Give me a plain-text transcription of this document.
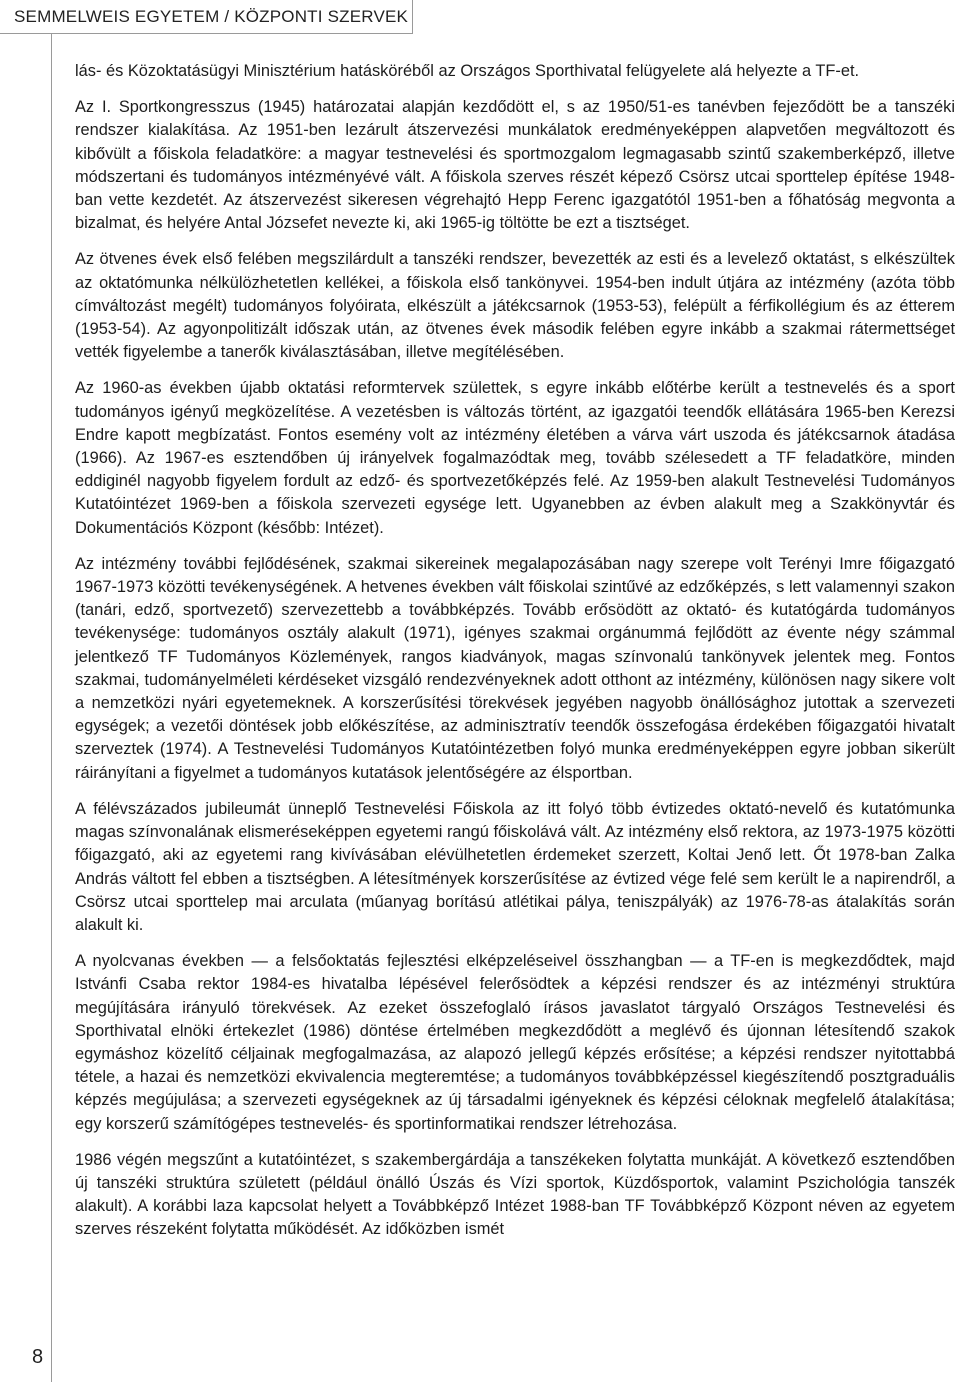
SEMMELWEIS EGYETEM / KÖZPONTI SZERVEK
8

lás- és Közoktatásügyi Minisztérium hatásköréből az Országos Sporthivatal felügyelete alá helyezte a TF-et.

Az I. Sportkongresszus (1945) határozatai alapján kezdődött el, s az 1950/51-es tanévben fejeződött be a tanszéki rendszer kialakítása. Az 1951-ben lezárult átszervezési munkálatok eredményeképpen alapvetően megváltozott és kibővült a főiskola feladatköre: a magyar testnevelési és sportmozgalom legmagasabb szintű szakemberképző, illetve módszertani és tudományos intézményévé vált. A főiskola szerves részét képező Csörsz utcai sporttelep építése 1948-ban vette kezdetét. Az átszervezést sikeresen végrehajtó Hepp Ferenc igazgatótól 1951-ben a főhatóság megvonta a bizalmat, és helyére Antal Józsefet nevezte ki, aki 1965-ig töltötte be ezt a tisztséget.

Az ötvenes évek első felében megszilárdult a tanszéki rendszer, bevezették az esti és a levelező oktatást, s elkészültek az oktatómunka nélkülözhetetlen kellékei, a főiskola első tankönyvei. 1954-ben indult útjára az intézmény (azóta több címváltozást megélt) tudományos folyóirata, elkészült a játékcsarnok (1953-53), felépült a férfikollégium és az étterem (1953-54). Az agyonpolitizált időszak után, az ötvenes évek második felében egyre inkább a szakmai rátermettséget vették figyelembe a tanerők kiválasztásában, illetve megítélésében.

Az 1960-as években újabb oktatási reformtervek születtek, s egyre inkább előtérbe került a testnevelés és a sport tudományos igényű megközelítése. A vezetésben is változás történt, az igazgatói teendők ellátására 1965-ben Kerezsi Endre kapott megbízatást. Fontos esemény volt az intézmény életében a várva várt uszoda és játékcsarnok átadása (1966). Az 1967-es esztendőben új irányelvek fogalmazódtak meg, tovább szélesedett a TF feladatköre, minden eddiginél nagyobb figyelem fordult az edző- és sportvezetőképzés felé. Az 1959-ben alakult Testnevelési Tudományos Kutatóintézet 1969-ben a főiskola szervezeti egysége lett. Ugyanebben az évben alakult meg a Szakkönyvtár és Dokumentációs Központ (később: Intézet).

Az intézmény további fejlődésének, szakmai sikereinek megalapozásában nagy szerepe volt Terényi Imre főigazgató 1967-1973 közötti tevékenységének. A hetvenes években vált főiskolai szintűvé az edzőképzés, s lett valamennyi szakon (tanári, edző, sportvezető) szervezettebb a továbbképzés. Tovább erősödött az oktató- és kutatógárda tudományos tevékenysége: tudományos osztály alakult (1971), igényes szakmai orgánummá fejlődött az évente négy számmal jelentkező TF Tudományos Közlemények, rangos kiadványok, magas színvonalú tankönyvek jelentek meg. Fontos szakmai, tudományelméleti kérdéseket vizsgáló rendezvényeknek adott otthont az intézmény, különösen nagy sikere volt a nemzetközi nyári egyetemeknek. A korszerűsítési törekvések jegyében nagyobb önállósághoz jutottak a szervezeti egységek; a vezetői döntések jobb előkészítése, az adminisztratív teendők összefogása érdekében főigazgatói hivatalt szerveztek (1974). A Testnevelési Tudományos Kutatóintézetben folyó munka eredményeképpen egyre jobban sikerült ráirányítani a figyelmet a tudományos kutatások jelentőségére az élsportban.

A félévszázados jubileumát ünneplő Testnevelési Főiskola az itt folyó több évtizedes oktató-nevelő és kutatómunka magas színvonalának elismeréseképpen egyetemi rangú főiskolává vált. Az intézmény első rektora, az 1973-1975 közötti főigazgató, aki az egyetemi rang kivívásában elévülhetetlen érdemeket szerzett, Koltai Jenő lett. Őt 1978-ban Zalka András váltott fel ebben a tisztségben. A létesítmények korszerűsítése az évtized vége felé sem került le a napirendről, a Csörsz utcai sporttelep mai arculata (műanyag borítású atlétikai pálya, teniszpályák) az 1976-78-as átalakítás során alakult ki.

A nyolcvanas években — a felsőoktatás fejlesztési elképzeléseivel összhangban — a TF-en is megkezdődtek, majd Istvánfi Csaba rektor 1984-es hivatalba lépésével felerősödtek a képzési rendszer és az intézményi struktúra megújítására irányuló törekvések. Az ezeket összefoglaló írásos javaslatot tárgyaló Országos Testnevelési és Sporthivatal elnöki értekezlet (1986) döntése értelmében megkezdődött a meglévő és újonnan létesítendő szakok egymáshoz közelítő céljainak megfogalmazása, az alapozó jellegű képzés erősítése; a képzési rendszer nyitottabbá tétele, a hazai és nemzetközi ekvivalencia megteremtése; a tudományos továbbképzéssel kiegészítendő posztgraduális képzés megújulása; a szervezeti egységeknek az új társadalmi igényeknek és képzési céloknak megfelelő átalakítása; egy korszerű számítógépes testnevelés- és sportinformatikai rendszer létrehozása.

1986 végén megszűnt a kutatóintézet, s szakembergárdája a tanszékeken folytatta munkáját. A következő esztendőben új tanszéki struktúra született (például önálló Úszás és Vízi sportok, Küzdősportok, valamint Pszichológia tanszék alakult). A korábbi laza kapcsolat helyett a Továbbképző Intézet 1988-ban TF Továbbképző Központ néven az egyetem szerves részeként folytatta működését. Az időközben ismét
